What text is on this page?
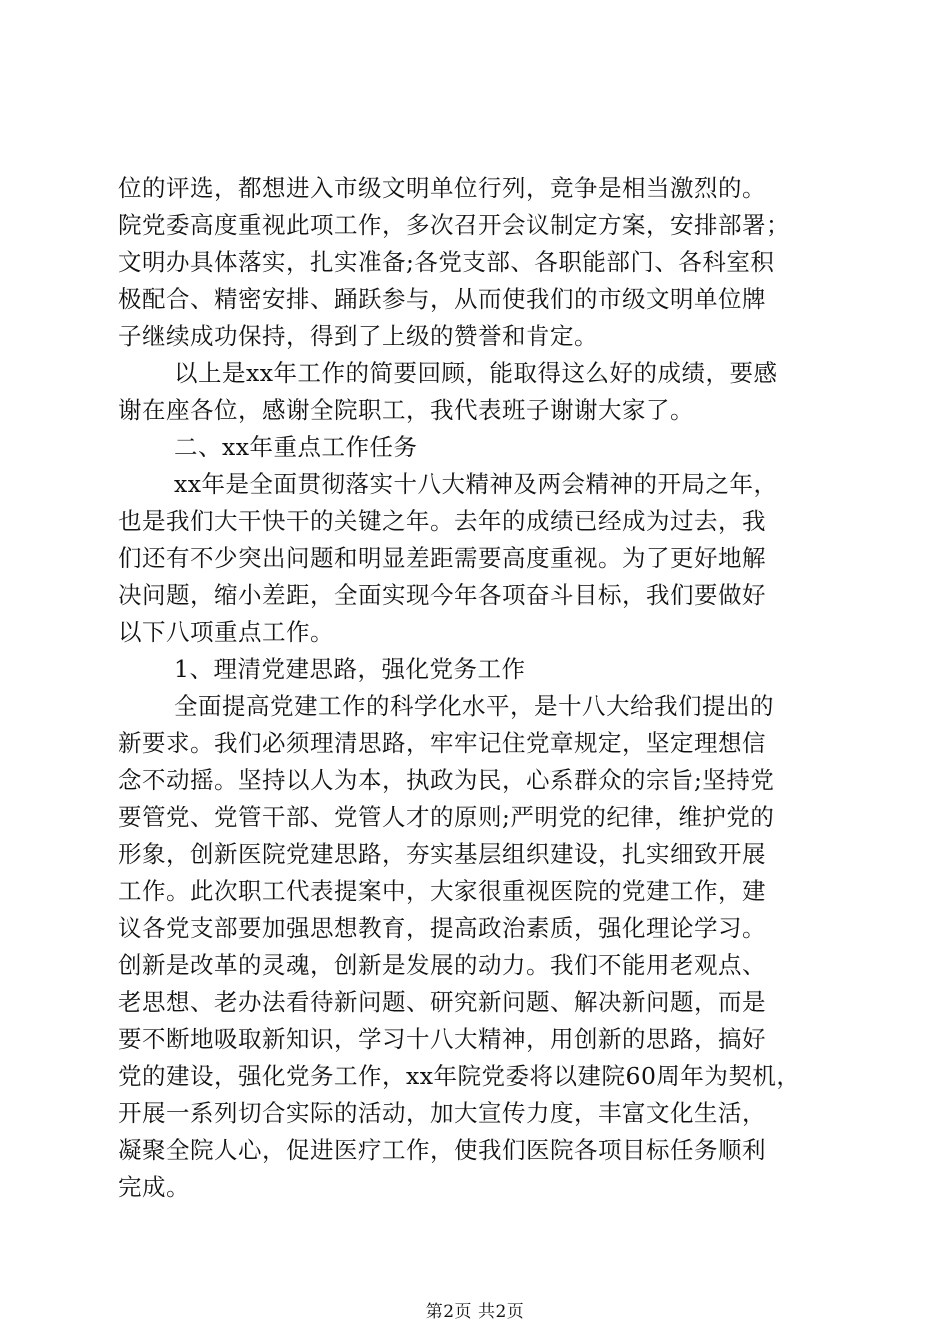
位的评选，都想进入市级文明单位行列，竞争是相当激烈的。
院党委高度重视此项工作，多次召开会议制定方案，安排部署；
文明办具体落实，扎实准备;各党支部、各职能部门、各科室积
极配合、精密安排、踊跃参与，从而使我们的市级文明单位牌
子继续成功保持，得到了上级的赞誉和肯定。
以上是xx年工作的简要回顾，能取得这么好的成绩，要感
谢在座各位，感谢全院职工，我代表班子谢谢大家了。
二、xx年重点工作任务
xx年是全面贯彻落实十八大精神及两会精神的开局之年，
也是我们大干快干的关键之年。去年的成绩已经成为过去，我
们还有不少突出问题和明显差距需要高度重视。为了更好地解
决问题，缩小差距，全面实现今年各项奋斗目标，我们要做好
以下八项重点工作。
1、理清党建思路，强化党务工作
全面提高党建工作的科学化水平，是十八大给我们提出的
新要求。我们必须理清思路，牢牢记住党章规定，坚定理想信
念不动摇。坚持以人为本，执政为民，心系群众的宗旨;坚持党
要管党、党管干部、党管人才的原则;严明党的纪律，维护党的
形象，创新医院党建思路，夯实基层组织建设，扎实细致开展
工作。此次职工代表提案中，大家很重视医院的党建工作，建
议各党支部要加强思想教育，提高政治素质，强化理论学习。
创新是改革的灵魂，创新是发展的动力。我们不能用老观点、
老思想、老办法看待新问题、研究新问题、解决新问题，而是
要不断地吸取新知识，学习十八大精神，用创新的思路，搞好
党的建设，强化党务工作，xx年院党委将以建院60周年为契机，
开展一系列切合实际的活动，加大宣传力度，丰富文化生活，
凝聚全院人心，促进医疗工作，使我们医院各项目标任务顺利
完成。
第2页 共2页
